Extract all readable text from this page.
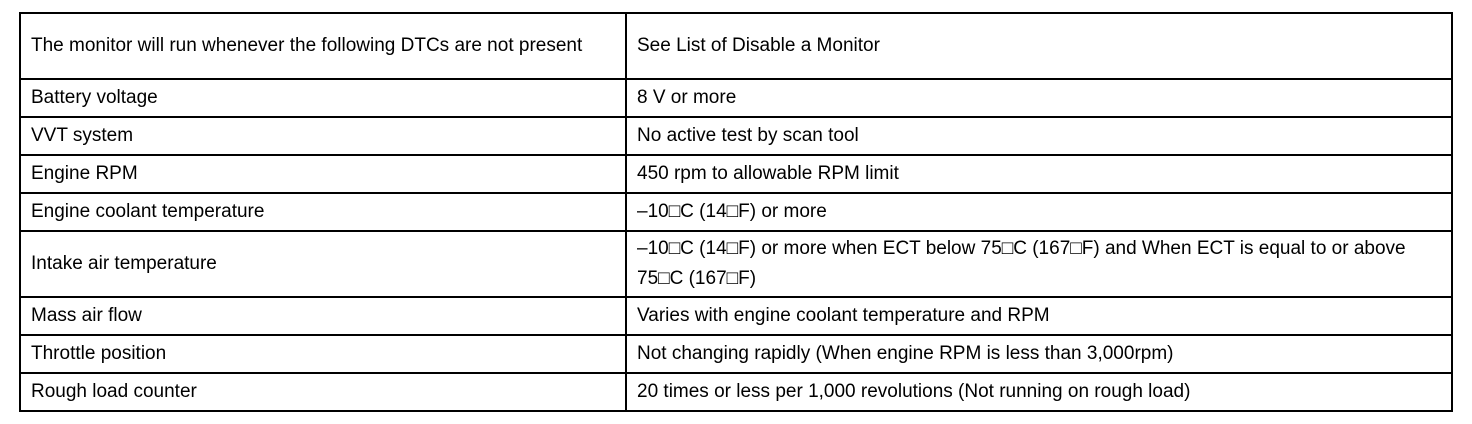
The monitor will run whenever the following DTCs are not present	See List of Disable a Monitor
Battery voltage	8 V or more
VVT system	No active test by scan tool
Engine RPM	450 rpm to allowable RPM limit
Engine coolant temperature	–10□C (14□F) or more
Intake air temperature	–10□C (14□F) or more when ECT below 75□C (167□F) and When ECT is equal to or above 75□C (167□F)
Mass air flow	Varies with engine coolant temperature and RPM
Throttle position	Not changing rapidly (When engine RPM is less than 3,000rpm)
Rough load counter	20 times or less per 1,000 revolutions (Not running on rough load)
